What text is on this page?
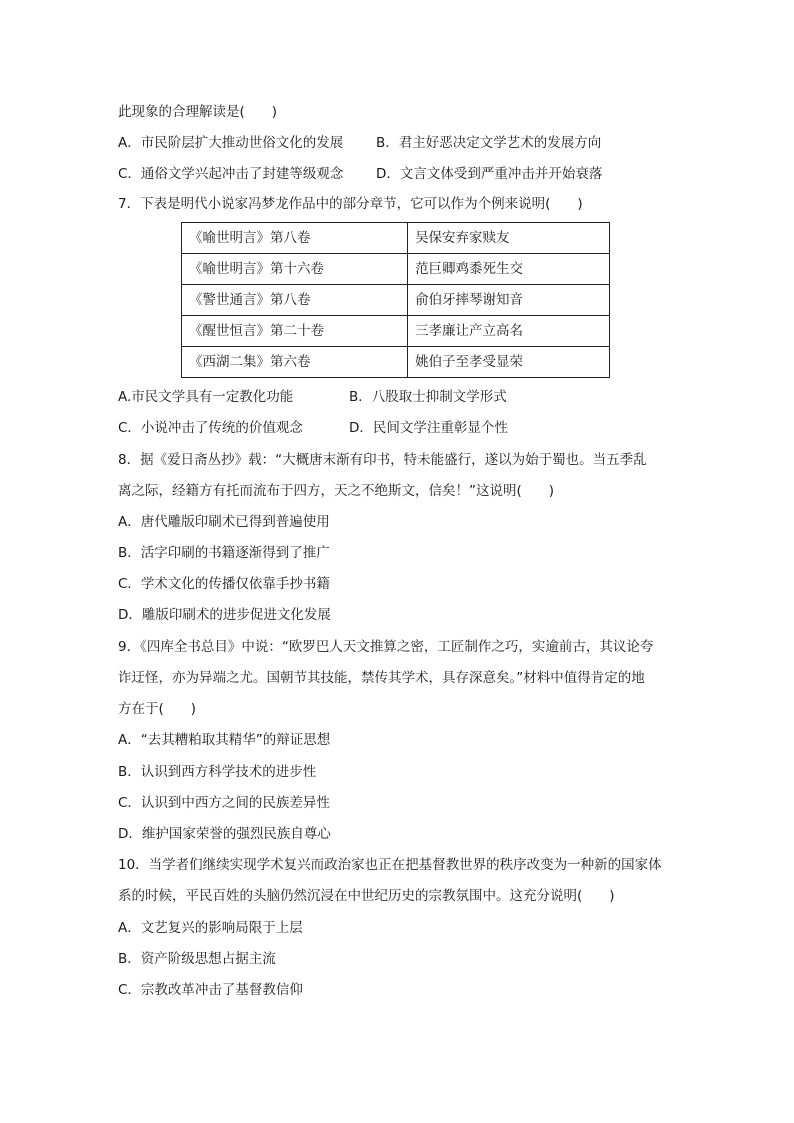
此现象的合理解读是(　　)
A．市民阶层扩大推动世俗文化的发展 B．君主好恶决定文学艺术的发展方向
C．通俗文学兴起冲击了封建等级观念 D．文言文体受到严重冲击并开始衰落
7．下表是明代小说家冯梦龙作品中的部分章节，它可以作为个例来说明(　　)
《喻世明言》第八卷	吴保安弃家赎友
《喻世明言》第十六卷	范巨卿鸡黍死生交
《警世通言》第八卷	俞伯牙摔琴谢知音
《醒世恒言》第二十卷	三孝廉让产立高名
《西湖二集》第六卷	姚伯子至孝受显荣
A.市民文学具有一定教化功能	B．八股取士抑制文学形式
C．小说冲击了传统的价值观念	D．民间文学注重彰显个性
8．据《爱日斋丛抄》载：“大概唐末渐有印书，特未能盛行，遂以为始于蜀也。当五季乱
离之际，经籍方有托而流布于四方，天之不绝斯文，信矣！”这说明(　　)
A．唐代雕版印刷术已得到普遍使用
B．活字印刷的书籍逐渐得到了推广
C．学术文化的传播仅依靠手抄书籍
D．雕版印刷术的进步促进文化发展
9．《四库全书总目》中说：“欧罗巴人天文推算之密，工匠制作之巧，实逾前古，其议论夸
诈迂怪，亦为异端之尤。国朝节其技能，禁传其学术，具存深意矣。”材料中值得肯定的地
方在于(　　)
A．“去其糟粕取其精华”的辩证思想
B．认识到西方科学技术的进步性
C．认识到中西方之间的民族差异性
D．维护国家荣誉的强烈民族自尊心
10．当学者们继续实现学术复兴而政治家也正在把基督教世界的秩序改变为一种新的国家体
系的时候，平民百姓的头脑仍然沉浸在中世纪历史的宗教氛围中。这充分说明(　　)
A．文艺复兴的影响局限于上层
B．资产阶级思想占据主流
C．宗教改革冲击了基督教信仰
